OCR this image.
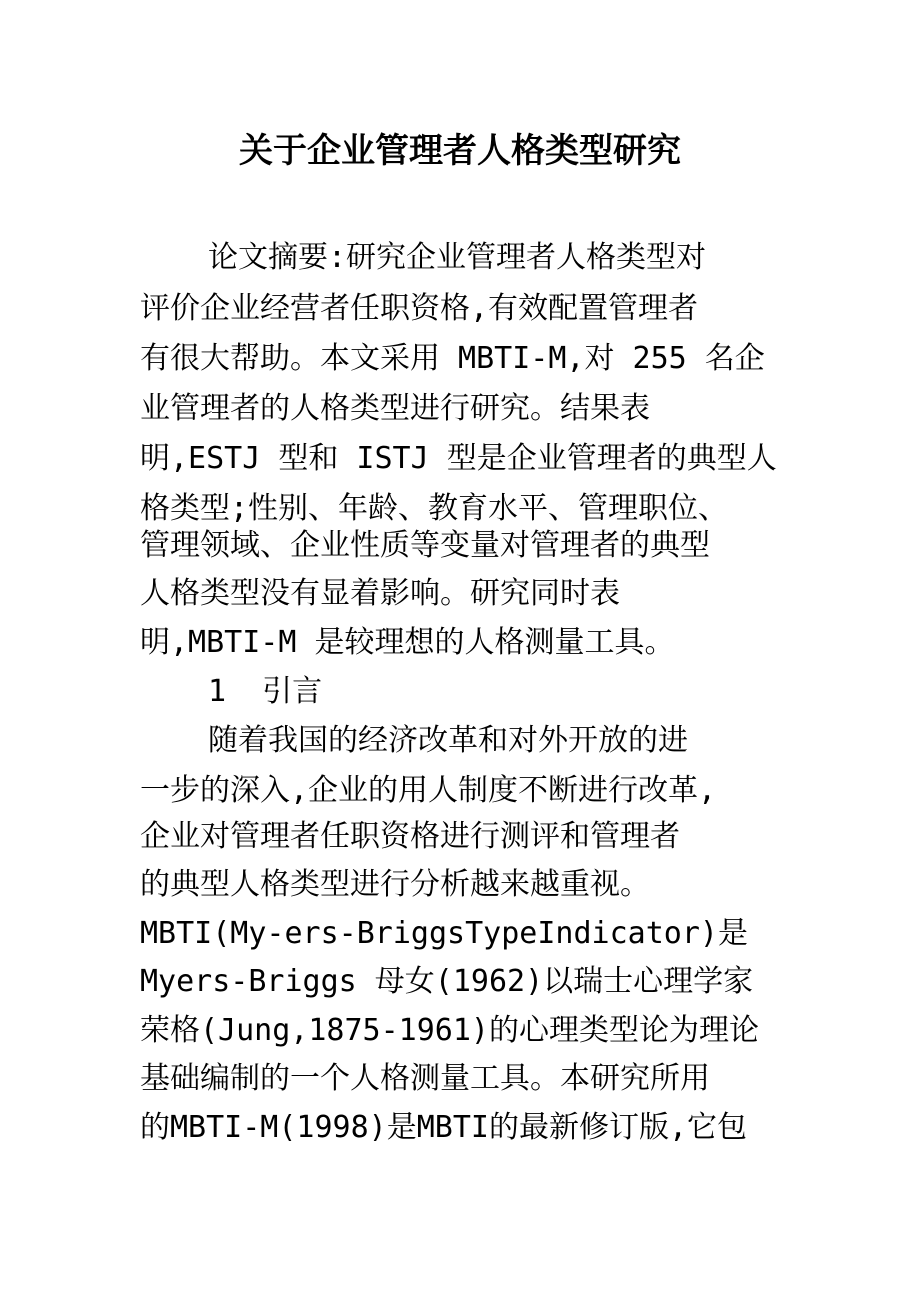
关于企业管理者人格类型研究
论文摘要:研究企业管理者人格类型对
评价企业经营者任职资格,有效配置管理者
有很大帮助。本文采用 MBTI-M,对 255 名企
业管理者的人格类型进行研究。结果表
明,ESTJ 型和 ISTJ 型是企业管理者的典型人
格类型;性别、年龄、教育水平、管理职位、
管理领域、企业性质等变量对管理者的典型
人格类型没有显着影响。研究同时表
明,MBTI-M 是较理想的人格测量工具。
1  引言
随着我国的经济改革和对外开放的进
一步的深入,企业的用人制度不断进行改革,
企业对管理者任职资格进行测评和管理者
的典型人格类型进行分析越来越重视。
MBTI(My-ers-BriggsTypeIndicator)是
Myers-Briggs 母女(1962)以瑞士心理学家
荣格(Jung,1875-1961)的心理类型论为理论
基础编制的一个人格测量工具。本研究所用
的MBTI-M(1998)是MBTI的最新修订版,它包
